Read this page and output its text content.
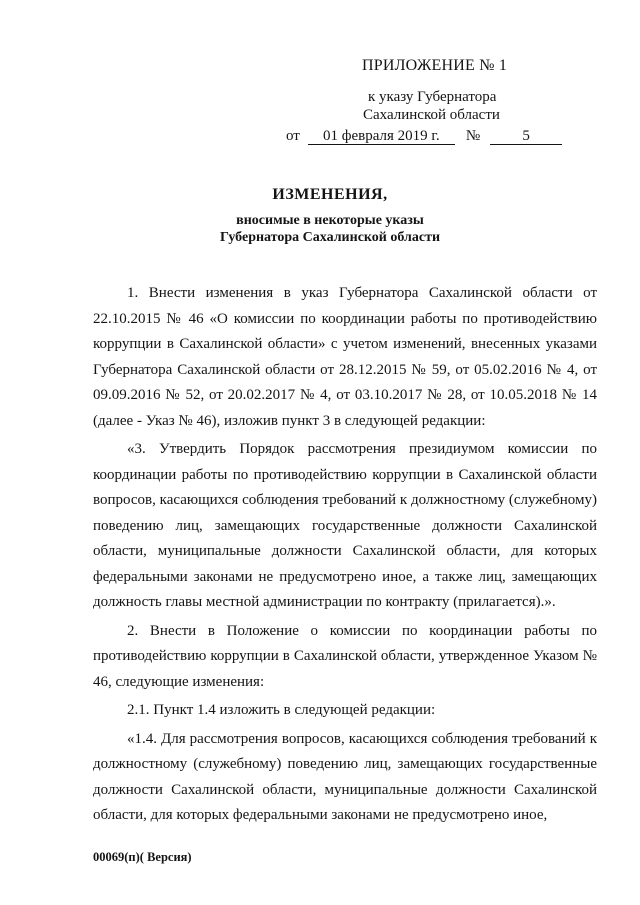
ПРИЛОЖЕНИЕ № 1
к указу Губернатора
Сахалинской области
от	01 февраля 2019 г.	№	5
ИЗМЕНЕНИЯ,
вносимые в некоторые указы
Губернатора Сахалинской области

1. Внести изменения в указ Губернатора Сахалинской области от 22.10.2015 № 46 «О комиссии по координации работы по противодействию коррупции в Сахалинской области» с учетом изменений, внесенных указами Губернатора Сахалинской области от 28.12.2015 № 59, от 05.02.2016 № 4, от 09.09.2016 № 52, от 20.02.2017 № 4, от 03.10.2017 № 28, от 10.05.2018 № 14 (далее - Указ № 46), изложив пункт 3 в следующей редакции:

«3. Утвердить Порядок рассмотрения президиумом комиссии по координации работы по противодействию коррупции в Сахалинской области вопросов, касающихся соблюдения требований к должностному (служебному) поведению лиц, замещающих государственные должности Сахалинской области, муниципальные должности Сахалинской области, для которых федеральными законами не предусмотрено иное, а также лиц, замещающих должность главы местной администрации по контракту (прилагается).».

2. Внести в Положение о комиссии по координации работы по противодействию коррупции в Сахалинской области, утвержденное Указом № 46, следующие изменения:

2.1. Пункт 1.4 изложить в следующей редакции:

«1.4. Для рассмотрения вопросов, касающихся соблюдения требований к должностному (служебному) поведению лиц, замещающих государственные должности Сахалинской области, муниципальные должности Сахалинской области, для которых федеральными законами не предусмотрено иное,

00069(п)( Версия)
